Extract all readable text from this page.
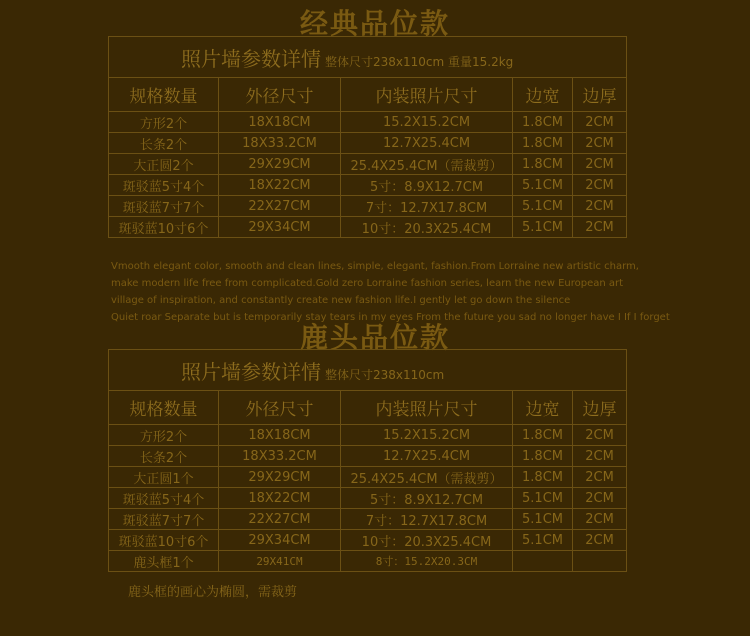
经典品位款
照片墙参数详情 整体尺寸238x110cm 重量15.2kg				
规格数量	外径尺寸	内装照片尺寸	边宽	边厚
方形2个	18X18CM	15.2X15.2CM	1.8CM	2CM
长条2个	18X33.2CM	12.7X25.4CM	1.8CM	2CM
大正圆2个	29X29CM	25.4X25.4CM（需裁剪）	1.8CM	2CM
斑驳蓝5寸4个	18X22CM	5寸：8.9X12.7CM	5.1CM	2CM
斑驳蓝7寸7个	22X27CM	7寸：12.7X17.8CM	5.1CM	2CM
斑驳蓝10寸6个	29X34CM	10寸：20.3X25.4CM	5.1CM	2CM
Vmooth elegant color, smooth and clean lines, simple, elegant, fashion.From Lorraine new artistic charm,
make modern life free from complicated.Gold zero Lorraine fashion series, learn the new European art
village of inspiration, and constantly create new fashion life.I gently let go down the silence
Quiet roar Separate but is temporarily stay tears in my eyes From the future you sad no longer have I If I forget
鹿头品位款
照片墙参数详情 整体尺寸238x110cm				
规格数量	外径尺寸	内装照片尺寸	边宽	边厚
方形2个	18X18CM	15.2X15.2CM	1.8CM	2CM
长条2个	18X33.2CM	12.7X25.4CM	1.8CM	2CM
大正圆1个	29X29CM	25.4X25.4CM（需裁剪）	1.8CM	2CM
斑驳蓝5寸4个	18X22CM	5寸：8.9X12.7CM	5.1CM	2CM
斑驳蓝7寸7个	22X27CM	7寸：12.7X17.8CM	5.1CM	2CM
斑驳蓝10寸6个	29X34CM	10寸：20.3X25.4CM	5.1CM	2CM
鹿头框1个	29X41CM	8寸：15.2X20.3CM		
鹿头框的画心为椭圆，需裁剪
